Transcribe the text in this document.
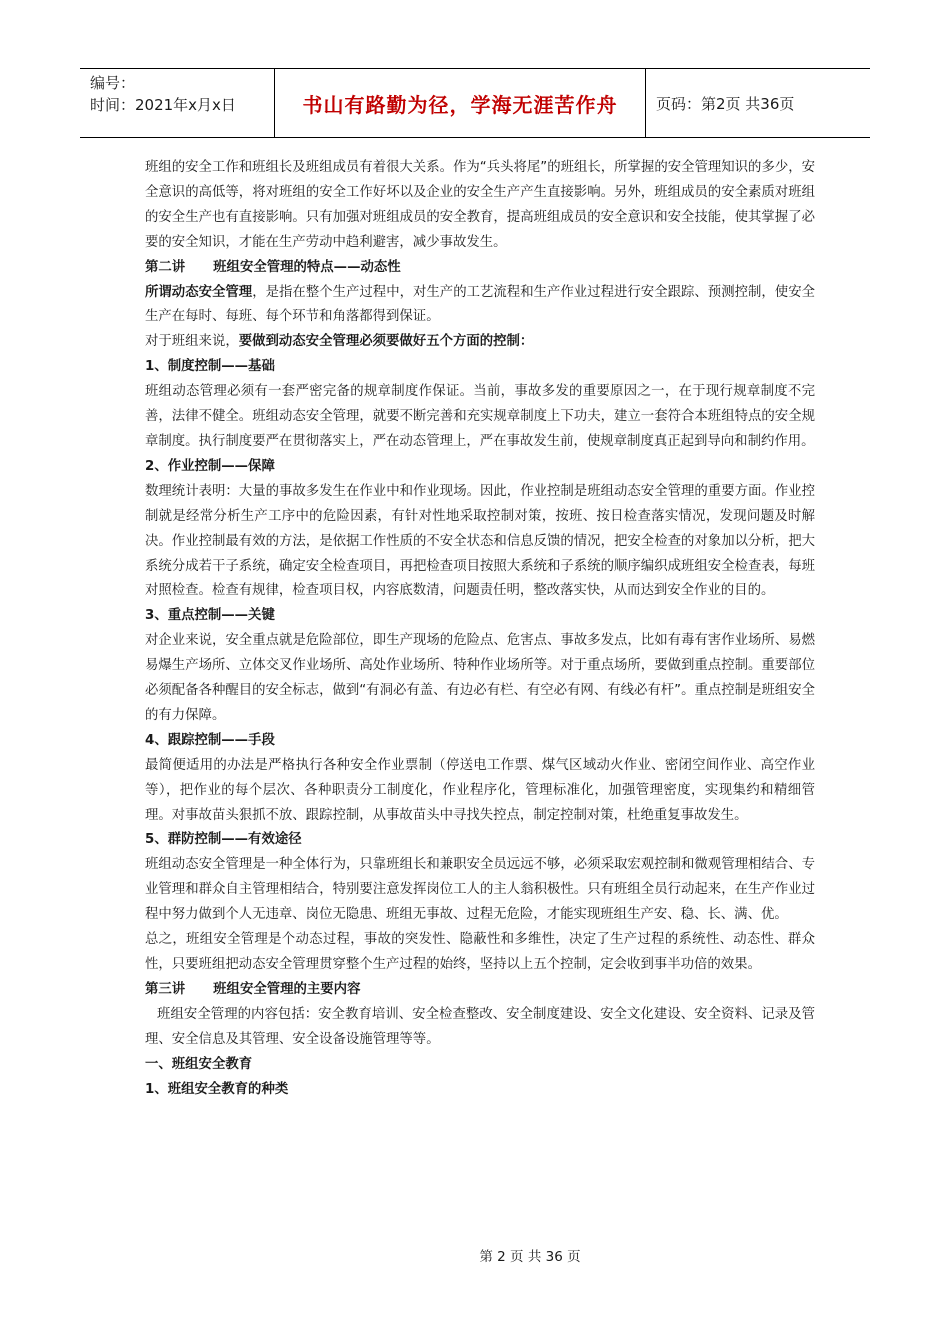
编号：
时间：2021年x月x日	书山有路勤为径，学海无涯苦作舟	页码：第2页 共36页

班组的安全工作和班组长及班组成员有着很大关系。作为“兵头将尾”的班组长，所掌握的安全管理知识的多少，安全意识的高低等，将对班组的安全工作好坏以及企业的安全生产产生直接影响。另外，班组成员的安全素质对班组的安全生产也有直接影响。只有加强对班组成员的安全教育，提高班组成员的安全意识和安全技能，使其掌握了必要的安全知识，才能在生产劳动中趋利避害，减少事故发生。

第二讲 班组安全管理的特点——动态性

所谓动态安全管理，是指在整个生产过程中，对生产的工艺流程和生产作业过程进行安全跟踪、预测控制，使安全生产在每时、每班、每个环节和角落都得到保证。

对于班组来说，要做到动态安全管理必须要做好五个方面的控制：

1、制度控制——基础

班组动态管理必须有一套严密完备的规章制度作保证。当前，事故多发的重要原因之一，在于现行规章制度不完善，法律不健全。班组动态安全管理，就要不断完善和充实规章制度上下功夫，建立一套符合本班组特点的安全规章制度。执行制度要严在贯彻落实上，严在动态管理上，严在事故发生前，使规章制度真正起到导向和制约作用。

2、作业控制——保障

数理统计表明：大量的事故多发生在作业中和作业现场。因此，作业控制是班组动态安全管理的重要方面。作业控制就是经常分析生产工序中的危险因素，有针对性地采取控制对策，按班、按日检查落实情况，发现问题及时解决。作业控制最有效的方法，是依据工作性质的不安全状态和信息反馈的情况，把安全检查的对象加以分析，把大系统分成若干子系统，确定安全检查项目，再把检查项目按照大系统和子系统的顺序编织成班组安全检查表，每班对照检查。检查有规律，检查项目权，内容底数清，问题责任明，整改落实快，从而达到安全作业的目的。

3、重点控制——关键

对企业来说，安全重点就是危险部位，即生产现场的危险点、危害点、事故多发点，比如有毒有害作业场所、易燃易爆生产场所、立体交叉作业场所、高处作业场所、特种作业场所等。对于重点场所，要做到重点控制。重要部位必须配备各种醒目的安全标志，做到“有洞必有盖、有边必有栏、有空必有网、有线必有杆”。重点控制是班组安全的有力保障。

4、跟踪控制——手段

最简便适用的办法是严格执行各种安全作业票制（停送电工作票、煤气区域动火作业、密闭空间作业、高空作业等），把作业的每个层次、各种职责分工制度化，作业程序化，管理标准化，加强管理密度，实现集约和精细管理。对事故苗头狠抓不放、跟踪控制，从事故苗头中寻找失控点，制定控制对策，杜绝重复事故发生。

5、群防控制——有效途径

班组动态安全管理是一种全体行为，只靠班组长和兼职安全员远远不够，必须采取宏观控制和微观管理相结合、专业管理和群众自主管理相结合，特别要注意发挥岗位工人的主人翁积极性。只有班组全员行动起来，在生产作业过程中努力做到个人无违章、岗位无隐患、班组无事故、过程无危险，才能实现班组生产安、稳、长、满、优。

总之，班组安全管理是个动态过程，事故的突发性、隐蔽性和多维性，决定了生产过程的系统性、动态性、群众性，只要班组把动态安全管理贯穿整个生产过程的始终，坚持以上五个控制，定会收到事半功倍的效果。

第三讲 班组安全管理的主要内容

班组安全管理的内容包括：安全教育培训、安全检查整改、安全制度建设、安全文化建设、安全资料、记录及管理、安全信息及其管理、安全设备设施管理等等。

一、班组安全教育

1、班组安全教育的种类

第 2 页 共 36 页
